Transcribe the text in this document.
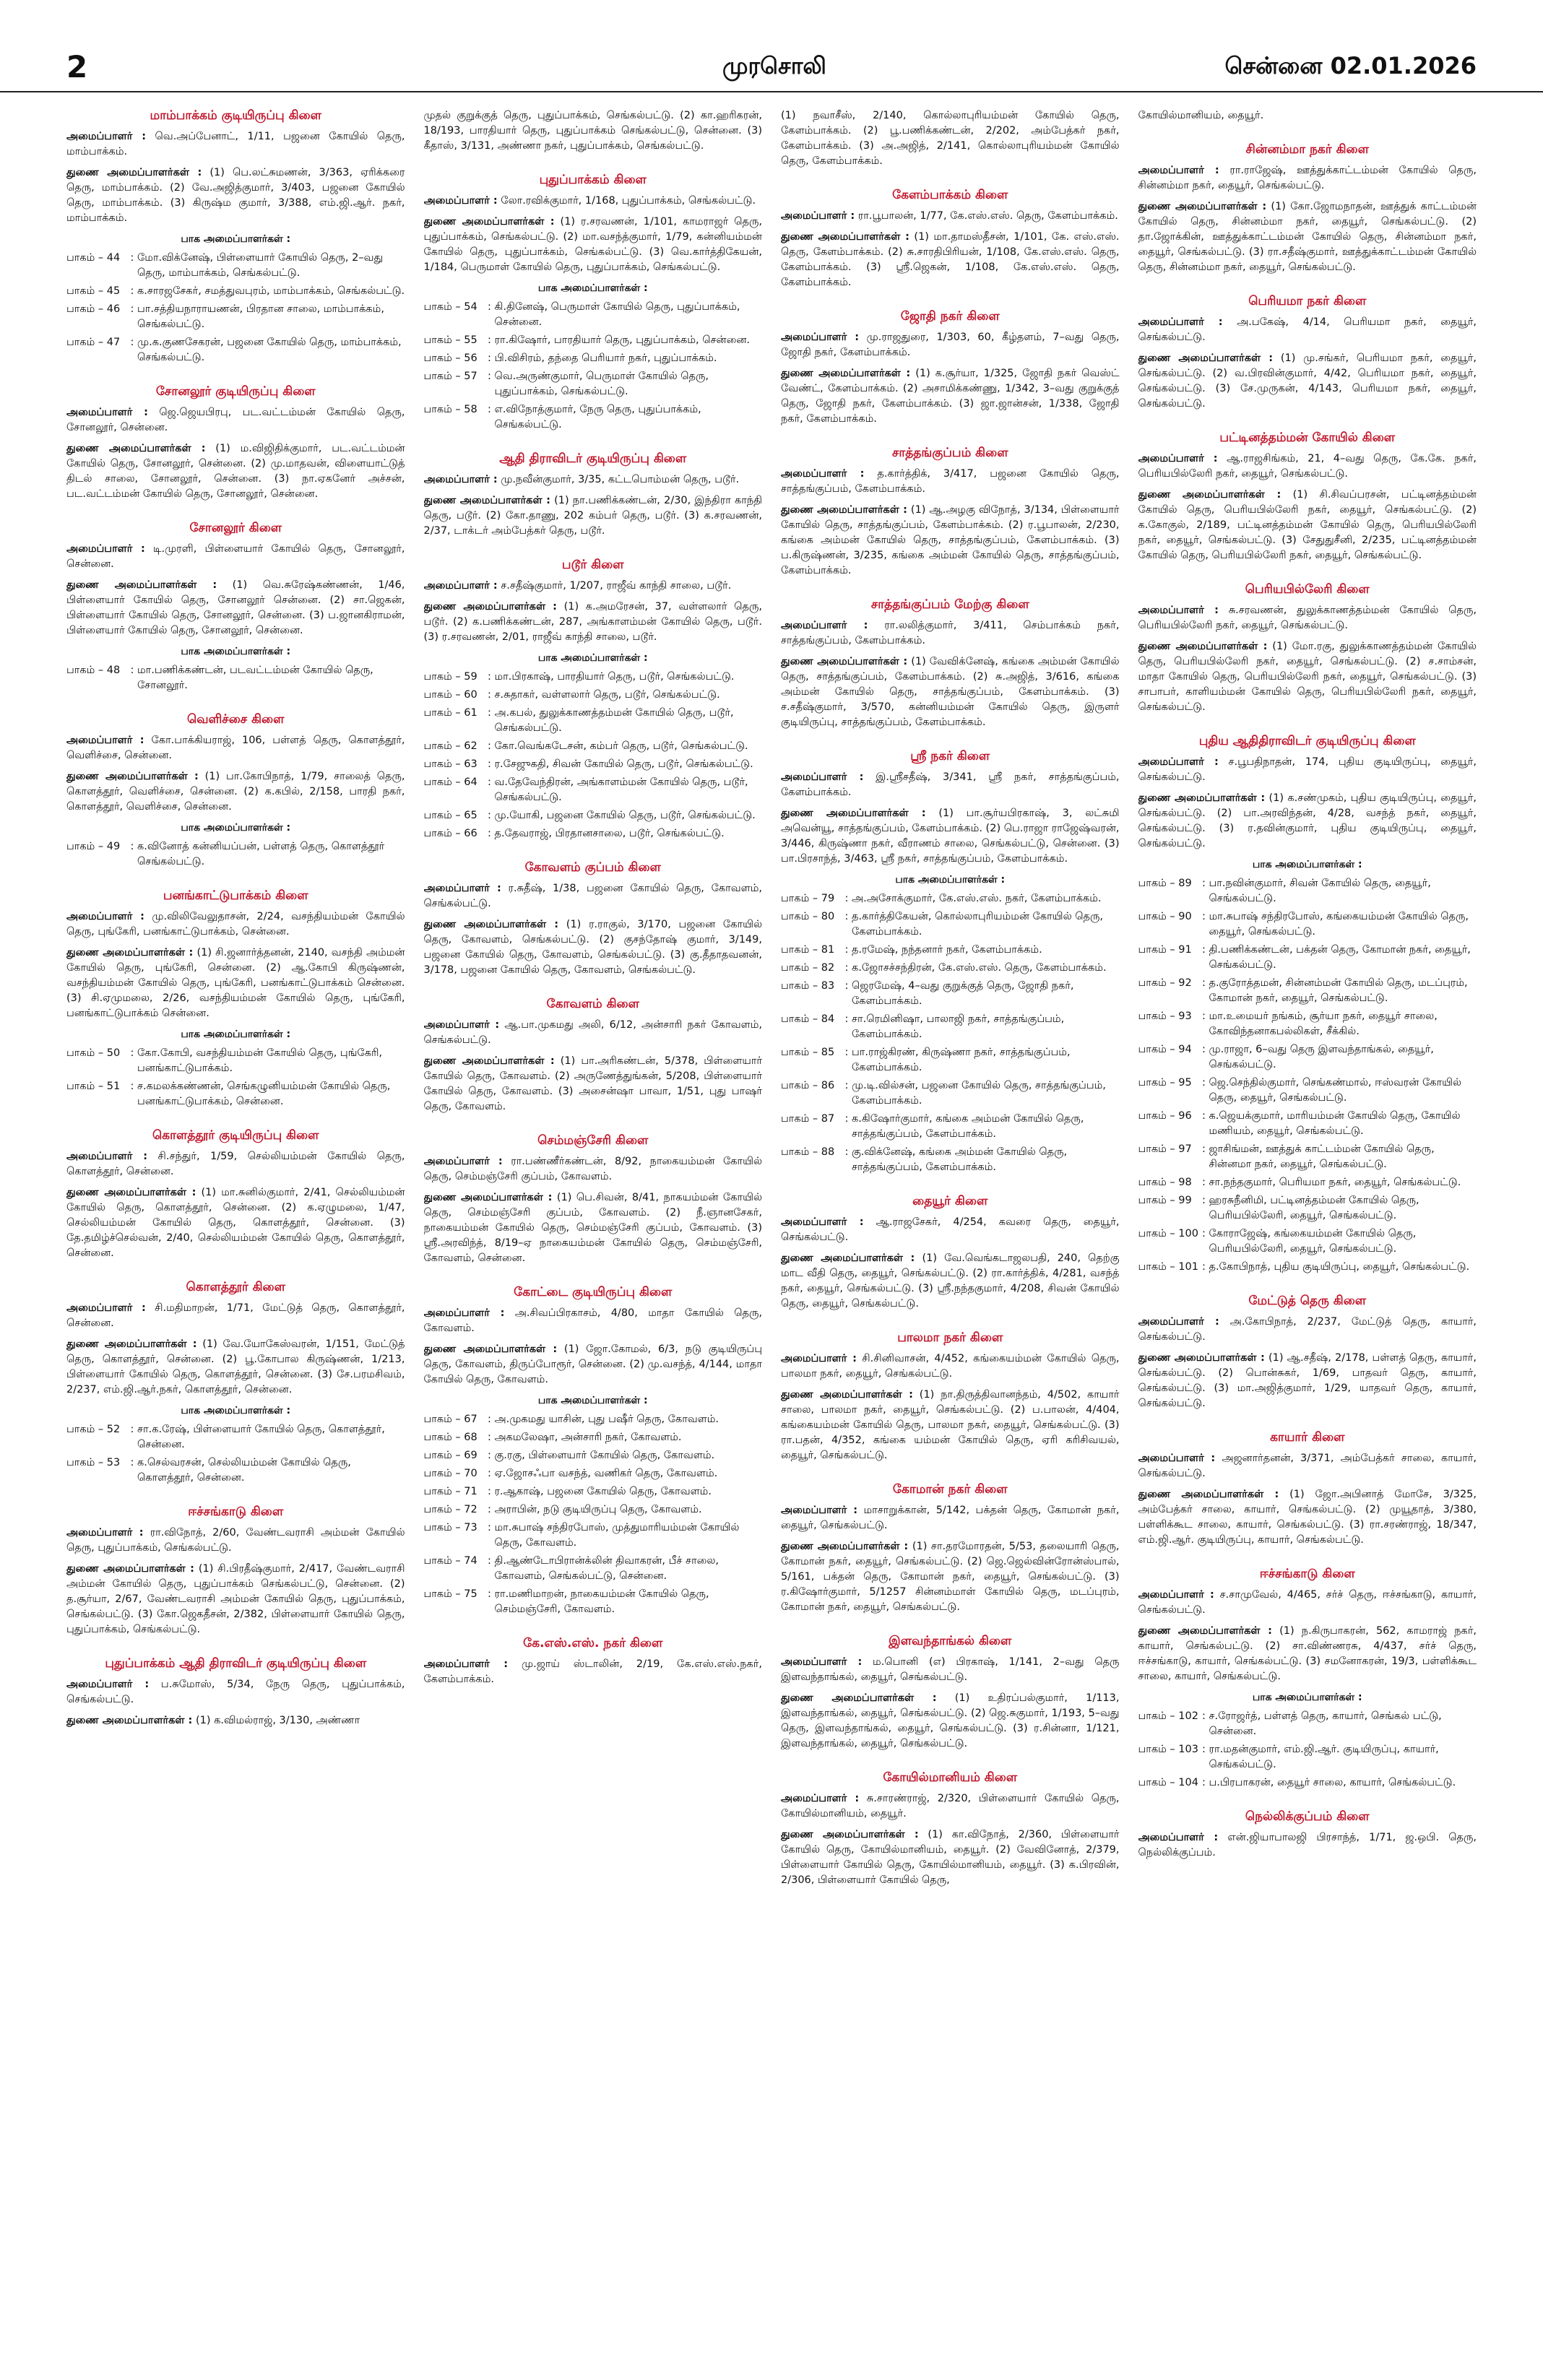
2	முரசொலி	சென்னை 02.01.2026
மாம்பாக்கம் குடியிருப்பு கிளை
அமைப்பாளர் : வெ.அப்பேனாட், 1/11, பஜனை கோயில் தெரு, மாம்பாக்கம்.
துணை அமைப்பாளர்கள் : (1) பெ.லட்சுமணன், 3/363, ஏரிக்கரை தெரு, மாம்பாக்கம். (2) வே.அஜித்குமார், 3/403, பஜனை கோயில் தெரு, மாம்பாக்கம். (3) கிருஷ்ம குமார், 3/388, எம்.ஜி.ஆர். நகர், மாம்பாக்கம்.
பாக அமைப்பாளர்கள் :
பாகம் – 44 : மோ.விக்னேஷ், பிள்ளையார் கோயில் தெரு, 2–வது தெரு, மாம்பாக்கம், செங்கல்பட்டு.
பாகம் – 45 : க.சாரஜசேகர், சமத்துவபுரம், மாம்பாக்கம், செங்கல்பட்டு.
பாகம் – 46 : பா.சத்தியநாராயணன், பிரதான சாலை, மாம்பாக்கம், செங்கல்பட்டு.
பாகம் – 47 : மு.க.குணசேகரன், பஜனை கோயில் தெரு, மாம்பாக்கம், செங்கல்பட்டு.
சோனலூர் குடியிருப்பு கிளை
அமைப்பாளர் : ஜெ.ஜெயபிரபு, பட.வட்டம்மன் கோயில் தெரு, சோனலூர், சென்னை.
துணை அமைப்பாளர்கள் : (1) ம.விஜிதிக்குமார், பட.வட்டம்மன் கோயில் தெரு, சோனலூர், சென்னை. (2) மு.மாதவன், விளையாட்டுத் திடல் சாலை, சோனலூர், சென்னை. (3) நா.ஏகனேர் அச்சன், பட.வட்டம்மன் கோயில் தெரு, சோனலூர், சென்னை.
சோனலூர் கிளை
அமைப்பாளர் : டி.முரளி, பிள்ளையார் கோயில் தெரு, சோனலூர், சென்னை.
துணை அமைப்பாளர்கள் : (1) வெ.சுரேஷ்கண்ணன், 1/46, பிள்ளையார் கோயில் தெரு, சோனலூர் சென்னை. (2) சா.ஜெகன், பிள்ளையார் கோயில் தெரு, சோனலூர், சென்னை. (3) ப.ஜானகிராமன், பிள்ளையார் கோயில் தெரு, சோனலூர், சென்னை.
பாக அமைப்பாளர்கள் :
பாகம் – 48 : மா.பணிக்கண்டன், படவட்டம்மன் கோயில் தெரு, சோனலூர்.
வெளிச்சை கிளை
அமைப்பாளர் : கோ.பாக்கியராஜ், 106, பள்ளத் தெரு, கொளத்தூர், வெளிச்சை, சென்னை.
துணை அமைப்பாளர்கள் : (1) பா.கோபிநாத், 1/79, சாலைத் தெரு, கொளத்தூர், வெளிச்சை, சென்னை. (2) க.கபில், 2/158, பாரதி நகர், கொளத்தூர், வெளிச்சை, சென்னை.
பாக அமைப்பாளர்கள் :
பாகம் – 49 : க.வினோத் கன்னியப்பன், பள்ளத் தெரு, கொளத்தூர் செங்கல்பட்டு.
பனங்காட்டுபாக்கம் கிளை
அமைப்பாளர் : மு.விலிவேலுதாசன், 2/24, வசந்தியம்மன் கோயில் தெரு, புங்கேரி, பனங்காட்டுபாக்கம், சென்னை.
துணை அமைப்பாளர்கள் : (1) சி.ஜனார்த்தனன், 2140, வசந்தி அம்மன் கோயில் தெரு, புங்கேரி, சென்னை. (2) ஆ.கோபி கிருஷ்ணன், வசந்தியம்மன் கோயில் தெரு, புங்கேரி, பனங்காட்டுபாக்கம் சென்னை. (3) சி.ஏமுமலை, 2/26, வசந்தியம்மன் கோயில் தெரு, புங்கேரி, பனங்காட்டுபாக்கம் சென்னை.
பாக அமைப்பாளர்கள் :
பாகம் – 50 : கோ.கோபி, வசந்தியம்மன் கோயில் தெரு, புங்கேரி, பனங்காட்டுபாக்கம்.
பாகம் – 51 : ச.கமலக்கண்ணன், செங்கழுனியம்மன் கோயில் தெரு, பனங்காட்டுபாக்கம், சென்னை.
கொளத்தூர் குடியிருப்பு கிளை
அமைப்பாளர் : சி.சந்துர், 1/59, செல்லியம்மன் கோயில் தெரு, கொளத்தூர், சென்னை.
துணை அமைப்பாளர்கள் : (1) மா.சுனில்குமார், 2/41, செல்லியம்மன் கோயில் தெரு, கொளத்தூர், சென்னை. (2) க.ஏழுமலை, 1/47, செல்லியம்மன் கோயில் தெரு, கொளத்தூர், சென்னை. (3) தே.தமிழ்ச்செல்வன், 2/40, செல்லியம்மன் கோயில் தெரு, கொளத்தூர், சென்னை.
கொளத்தூர் கிளை
அமைப்பாளர் : சி.மதிமாறன், 1/71, மேட்டுத் தெரு, கொளத்தூர், சென்னை.
துணை அமைப்பாளர்கள் : (1) வே.யோகேஸ்வரன், 1/151, மேட்டுத் தெரு, கொளத்தூர், சென்னை. (2) பூ.கோபால கிருஷ்ணன், 1/213, பிள்ளையார் கோயில் தெரு, கொளத்தூர், சென்னை. (3) சே.பரமசிவம், 2/237, எம்.ஜி.ஆர்.நகர், கொளத்தூர், சென்னை.
பாக அமைப்பாளர்கள் :
பாகம் – 52 : சா.க.ரேஷ், பிள்ளையார் கோயில் தெரு, கொளத்தூர், சென்னை.
பாகம் – 53 : க.செல்வரசன், செல்லியம்மன் கோயில் தெரு, கொளத்தூர், சென்னை.
ஈச்சங்காடு கிளை
அமைப்பாளர் : ரா.விநோத், 2/60, வேண்டவராசி அம்மன் கோயில் தெரு, புதுப்பாக்கம், செங்கல்பட்டு.
துணை அமைப்பாளர்கள் : (1) சி.பிரதீஷ்குமார், 2/417, வேண்டவராசி அம்மன் கோயில் தெரு, புதுப்பாக்கம் செங்கல்பட்டு, சென்னை. (2) த.சூர்யா, 2/67, வேண்டவராசி அம்மன் கோயில் தெரு, புதுப்பாக்கம், செங்கல்பட்டு. (3) கோ.ஜெகதீசன், 2/382, பிள்ளையார் கோயில் தெரு, புதுப்பாக்கம், செங்கல்பட்டு.
புதுப்பாக்கம் ஆதி திராவிடர் குடியிருப்பு கிளை
அமைப்பாளர் : ப.சுமோஸ், 5/34, நேரு தெரு, புதுப்பாக்கம், செங்கல்பட்டு.
துணை அமைப்பாளர்கள் : (1) க.விமல்ராஜ், 3/130, அண்ணா
முதல் குறுக்குத் தெரு, புதுப்பாக்கம், செங்கல்பட்டு. (2) கா.ஹரிகரன், 18/193, பாரதியார் தெரு, புதுப்பாக்கம் செங்கல்பட்டு, சென்னை. (3) கீதாஸ், 3/131, அண்ணா நகர், புதுப்பாக்கம், செங்கல்பட்டு.
புதுப்பாக்கம் கிளை
அமைப்பாளர் : லோ.ரவிக்குமார், 1/168, புதுப்பாக்கம், செங்கல்பட்டு.
துணை அமைப்பாளர்கள் : (1) ர.சரவணன், 1/101, காமராஜர் தெரு, புதுப்பாக்கம், செங்கல்பட்டு. (2) மா.வசந்த்குமார், 1/79, கன்னியம்மன் கோயில் தெரு, புதுப்பாக்கம், செங்கல்பட்டு. (3) வெ.கார்த்திகேயன், 1/184, பெருமாள் கோயில் தெரு, புதுப்பாக்கம், செங்கல்பட்டு.
பாக அமைப்பாளர்கள் :
பாகம் – 54 : கி.தினேஷ், பெருமாள் கோயில் தெரு, புதுப்பாக்கம், சென்னை.
பாகம் – 55 : ரா.கிஷோர், பாரதியார் தெரு, புதுப்பாக்கம், சென்னை.
பாகம் – 56 : பி.விசிரம், தந்தை பெரியார் நகர், புதுப்பாக்கம்.
பாகம் – 57 : வெ.அருண்குமார், பெருமாள் கோயில் தெரு, புதுப்பாக்கம், செங்கல்பட்டு.
பாகம் – 58 : எ.விநோத்குமார், நேரு தெரு, புதுப்பாக்கம், செங்கல்பட்டு.
ஆதி திராவிடர் குடியிருப்பு கிளை
அமைப்பாளர் : மு.நவீன்குமார், 3/35, கட்டபொம்மன் தெரு, படூர்.
துணை அமைப்பாளர்கள் : (1) நா.பணிக்கண்டன், 2/30, இந்திரா காந்தி தெரு, படூர். (2) கோ.தாணு, 202 கம்பர் தெரு, படூர். (3) க.சரவணன், 2/37, டாக்டர் அம்பேத்கர் தெரு, படூர்.
படூர் கிளை
அமைப்பாளர் : ச.சதீஷ்குமார், 1/207, ராஜீவ் காந்தி சாலை, படூர்.
துணை அமைப்பாளர்கள் : (1) க.அமரேசன், 37, வள்ளலார் தெரு, படூர். (2) க.பணிக்கண்டன், 287, அங்காளம்மன் கோயில் தெரு, படூர். (3) ர.சரவணன், 2/01, ராஜீவ் காந்தி சாலை, படூர்.
பாக அமைப்பாளர்கள் :
பாகம் – 59 : மா.பிரகாஷ், பாரதியார் தெரு, படூர், செங்கல்பட்டு.
பாகம் – 60 : ச.சுதாகர், வள்ளலார் தெரு, படூர், செங்கல்பட்டு.
பாகம் – 61 : அ.கபல், துலுக்காணத்தம்மன் கோயில் தெரு, படூர், செங்கல்பட்டு.
பாகம் – 62 : கோ.வெங்கடேசன், கம்பர் தெரு, படூர், செங்கல்பட்டு.
பாகம் – 63 : ர.சேஜுகதி, சிவன் கோயில் தெரு, படூர், செங்கல்பட்டு.
பாகம் – 64 : வ.தேவேந்திரன், அங்காளம்மன் கோயில் தெரு, படூர், செங்கல்பட்டு.
பாகம் – 65 : மு.யோகி, பஜனை கோயில் தெரு, படூர், செங்கல்பட்டு.
பாகம் – 66 : த.தேவராஜ், பிரதானசாலை, படூர், செங்கல்பட்டு.
கோவளம் குப்பம் கிளை
அமைப்பாளர் : ர.சுதீஷ், 1/38, பஜனை கோயில் தெரு, கோவளம், செங்கல்பட்டு.
துணை அமைப்பாளர்கள் : (1) ர.ராகுல், 3/170, பஜனை கோயில் தெரு, கோவளம், செங்கல்பட்டு. (2) குசந்தோஷ் குமார், 3/149, பஜனை கோயில் தெரு, கோவளம், செங்கல்பட்டு. (3) கு.தீதாதவனன், 3/178, பஜனை கோயில் தெரு, கோவளம், செங்கல்பட்டு.
கோவளம் கிளை
அமைப்பாளர் : ஆ.பா.முகமது அலி, 6/12, அன்சாரி நகர் கோவளம், செங்கல்பட்டு.
துணை அமைப்பாளர்கள் : (1) பா.அரிகண்டன், 5/378, பிள்ளையார் கோயில் தெரு, கோவளம். (2) அருணேத்துங்கன், 5/208, பிள்ளையார் கோயில் தெரு, கோவளம். (3) அசைன்ஷா பாவா, 1/51, புது பாஷர் தெரு, கோவளம்.
செம்மஞ்சேரி கிளை
அமைப்பாளர் : ரா.பண்ணீர்கண்டன், 8/92, நாகையம்மன் கோயில் தெரு, செம்மஞ்சேரி குப்பம், கோவளம்.
துணை அமைப்பாளர்கள் : (1) பெ.சிவன், 8/41, நாகயம்மன் கோயில் தெரு, செம்மஞ்சேரி குப்பம், கோவளம். (2) நீ.ஞானசேகர், நாகையம்மன் கோயில் தெரு, செம்மஞ்சேரி குப்பம், கோவளம். (3) ஸ்ரீ.அரவிந்த், 8/19–ஏ நாகையம்மன் கோயில் தெரு, செம்மஞ்சேரி, கோவளம், சென்னை.
கோட்டை குடியிருப்பு கிளை
அமைப்பாளர் : அ.சிவப்பிரகாசம், 4/80, மாதா கோயில் தெரு, கோவளம்.
துணை அமைப்பாளர்கள் : (1) ஜோ.கோமல், 6/3, நடு குடியிருப்பு தெரு, கோவளம், திருப்போரூர், சென்னை. (2) மு.வசந்த், 4/144, மாதா கோயில் தெரு, கோவளம்.
பாக அமைப்பாளர்கள் :
பாகம் – 67 : அ.முகமது யாசின், புது பஷீர் தெரு, கோவளம்.
பாகம் – 68 : அகமலேஷா, அன்சாரி நகர், கோவளம்.
பாகம் – 69 : கு.ரகு, பிள்ளையார் கோயில் தெரு, கோவளம்.
பாகம் – 70 : ஏ.ஜோசஃபா வசந்த், வணிகர் தெரு, கோவளம்.
பாகம் – 71 : ர.ஆகாஷ், பஜனை கோயில் தெரு, கோவளம்.
பாகம் – 72 : அராபின், நடு குடியிருப்பு தெரு, கோவளம்.
பாகம் – 73 : மா.சுபாஷ் சந்திரபோஸ், முத்துமாரியம்மன் கோயில் தெரு, கோவளம்.
பாகம் – 74 : தி.ஆண்டோபிரான்க்லின் திவாகரன், பீச் சாலை, கோவளம், செங்கல்பட்டு, சென்னை.
பாகம் – 75 : ரா.மணிமாறன், நாகையம்மன் கோயில் தெரு, செம்மஞ்சேரி, கோவளம்.
கே.எஸ்.எஸ். நகர் கிளை
அமைப்பாளர் : மு.ஜாய் ஸ்டாலின், 2/19, கே.எஸ்.எஸ்.நகர், கேளம்பாக்கம்.
(1) நவாசீஸ், 2/140, கொல்லாபுரியம்மன் கோயில் தெரு, கேளம்பாக்கம். (2) பூ.பணிக்கண்டன், 2/202, அம்பேத்கர் நகர், கேளம்பாக்கம். (3) அ.அஜித், 2/141, கொல்லாபுரியம்மன் கோயில் தெரு, கேளம்பாக்கம்.
கேளம்பாக்கம் கிளை
அமைப்பாளர் : ரா.பூபாலன், 1/77, கே.எஸ்.எஸ். தெரு, கேளம்பாக்கம்.
துணை அமைப்பாளர்கள் : (1) மா.தாமஸ்தீசன், 1/101, கே. எஸ்.எஸ். தெரு, கேளம்பாக்கம். (2) சு.சாரதிபிரியன், 1/108, கே.எஸ்.எஸ். தெரு, கேளம்பாக்கம். (3) ஸ்ரீ.ஜெகன், 1/108, கே.எஸ்.எஸ். தெரு, கேளம்பாக்கம்.
ஜோதி நகர் கிளை
அமைப்பாளர் : மு.ராஜதுரை, 1/303, 60, கீழ்தளம், 7–வது தெரு, ஜோதி நகர், கேளம்பாக்கம்.
துணை அமைப்பாளர்கள் : (1) க.சூர்யா, 1/325, ஜோதி நகர் வெஸ்ட் வேண்ட், கேளம்பாக்கம். (2) அசாமிக்கண்ணு, 1/342, 3–வது குறுக்குத் தெரு, ஜோதி நகர், கேளம்பாக்கம். (3) ஜா.ஜான்சன், 1/338, ஜோதி நகர், கேளம்பாக்கம்.
சாத்தங்குப்பம் கிளை
அமைப்பாளர் : த.கார்த்திக், 3/417, பஜனை கோயில் தெரு, சாத்தங்குப்பம், கேளம்பாக்கம்.
துணை அமைப்பாளர்கள் : (1) ஆ.அழகு விநோத், 3/134, பிள்ளையார் கோயில் தெரு, சாத்தங்குப்பம், கேளம்பாக்கம். (2) ர.பூபாலன், 2/230, கங்கை அம்மன் கோயில் தெரு, சாத்தங்குப்பம், கேளம்பாக்கம். (3) ப.கிருஷ்ணன், 3/235, கங்கை அம்மன் கோயில் தெரு, சாத்தங்குப்பம், கேளம்பாக்கம்.
சாத்தங்குப்பம் மேற்கு கிளை
அமைப்பாளர் : ரா.லலித்குமார், 3/411, செம்பாக்கம் நகர், சாத்தங்குப்பம், கேளம்பாக்கம்.
துணை அமைப்பாளர்கள் : (1) வேவிக்னேஷ், கங்கை அம்மன் கோயில் தெரு, சாத்தங்குப்பம், கேளம்பாக்கம். (2) சு.அஜித், 3/616, கங்கை அம்மன் கோயில் தெரு, சாத்தங்குப்பம், கேளம்பாக்கம். (3) ச.சதீஷ்குமார், 3/570, கன்னியம்மன் கோயில் தெரு, இருளர் குடியிருப்பு, சாத்தங்குப்பம், கேளம்பாக்கம்.
ஸ்ரீ நகர் கிளை
அமைப்பாளர் : இ.ஸ்ரீசதீஷ், 3/341, ஸ்ரீ நகர், சாத்தங்குப்பம், கேளம்பாக்கம்.
துணை அமைப்பாளர்கள் : (1) பா.சூர்யபிரகாஷ், 3, லட்சுமி அவென்யூ, சாத்தங்குப்பம், கேளம்பாக்கம். (2) பெ.ராஜா ராஜேஷ்வரன், 3/446, கிருஷ்ணா நகர், வீராணம் சாலை, செங்கல்பட்டு, சென்னை. (3) பா.பிரசாந்த், 3/463, ஸ்ரீ நகர், சாத்தங்குப்பம், கேளம்பாக்கம்.
பாக அமைப்பாளர்கள் :
பாகம் – 79 : அ.அசோக்குமார், கே.எஸ்.எஸ். நகர், கேளம்பாக்கம்.
பாகம் – 80 : த.கார்த்திகேயன், கொல்லாபுரியம்மன் கோயில் தெரு, கேளம்பாக்கம்.
பாகம் – 81 : த.ரமேஷ், நந்தனார் நகர், கேளம்பாக்கம்.
பாகம் – 82 : க.ஜோசச்சந்திரன், கே.எஸ்.எஸ். தெரு, கேளம்பாக்கம்.
பாகம் – 83 : ஜெரமேஷ், 4–வது குறுக்குத் தெரு, ஜோதி நகர், கேளம்பாக்கம்.
பாகம் – 84 : சா.ரெமினிஷா, பாலாஜி நகர், சாத்தங்குப்பம், கேளம்பாக்கம்.
பாகம் – 85 : பா.ராஜ்கிரண், கிருஷ்ணா நகர், சாத்தங்குப்பம், கேளம்பாக்கம்.
பாகம் – 86 : மு.டி.வில்சன், பஜனை கோயில் தெரு, சாத்தங்குப்பம், கேளம்பாக்கம்.
பாகம் – 87 : க.கிஷோர்குமார், கங்கை அம்மன் கோயில் தெரு, சாத்தங்குப்பம், கேளம்பாக்கம்.
பாகம் – 88 : கு.விக்னேஷ், கங்கை அம்மன் கோயில் தெரு, சாத்தங்குப்பம், கேளம்பாக்கம்.
தையூர் கிளை
அமைப்பாளர் : ஆ.ராஜசேகர், 4/254, கவரை தெரு, தையூர், செங்கல்பட்டு.
துணை அமைப்பாளர்கள் : (1) வே.வெங்கடாஜலபதி, 240, தெற்கு மாட வீதி தெரு, தையூர், செங்கல்பட்டு. (2) ரா.கார்த்திக், 4/281, வசந்த் நகர், தையூர், செங்கல்பட்டு. (3) ஸ்ரீ.நந்தகுமார், 4/208, சிவன் கோயில் தெரு, தையூர், செங்கல்பட்டு.
பாலமா நகர் கிளை
அமைப்பாளர் : சி.சினிவாசன், 4/452, கங்கையம்மன் கோயில் தெரு, பாலமா நகர், தையூர், செங்கல்பட்டு.
துணை அமைப்பாளர்கள் : (1) நா.திருத்திவானந்தம், 4/502, காயார் சாலை, பாலமா நகர், தையூர், செங்கல்பட்டு. (2) ப.பாலன், 4/404, கங்கையம்மன் கோயில் தெரு, பாலமா நகர், தையூர், செங்கல்பட்டு. (3) ரா.பதன், 4/352, கங்கை யம்மன் கோயில் தெரு, ஏரி கரிசிவயல், தையூர், செங்கல்பட்டு.
கோமான் நகர் கிளை
அமைப்பாளர் : மாசாறுக்கான், 5/142, பக்தன் தெரு, கோமான் நகர், தையூர், செங்கல்பட்டு.
துணை அமைப்பாளர்கள் : (1) சா.தரமோரதன், 5/53, தலையாரி தெரு, கோமான் நகர், தையூர், செங்கல்பட்டு. (2) ஜெ.ஜெல்வின்ரோன்ஸ்பால், 5/161, பக்தன் தெரு, கோமான் நகர், தையூர், செங்கல்பட்டு. (3) ர.கிஷோர்குமார், 5/1257 சின்னம்மாள் கோயில் தெரு, மடப்புரம், கோமான் நகர், தையூர், செங்கல்பட்டு.
இளவந்தாங்கல் கிளை
அமைப்பாளர் : ம.பொனி (எ) பிரகாஷ், 1/141, 2–வது தெரு இளவந்தாங்கல், தையூர், செங்கல்பட்டு.
துணை அமைப்பாளர்கள் : (1) உதிரப்பல்குமார், 1/113, இளவந்தாங்கல், தையூர், செங்கல்பட்டு. (2) ஜெ.சுகுமார், 1/193, 5–வது தெரு, இளவந்தாங்கல், தையூர், செங்கல்பட்டு. (3) ர.சின்னா, 1/121, இளவந்தாங்கல், தையூர், செங்கல்பட்டு.
கோயில்மானியம் கிளை
அமைப்பாளர் : சு.சாரண்ராஜ், 2/320, பிள்ளையார் கோயில் தெரு, கோயில்மானியம், தையூர்.
துணை அமைப்பாளர்கள் : (1) கா.விநோத், 2/360, பிள்ளையார் கோயில் தெரு, கோயில்மானியம், தையூர். (2) வேவினோத், 2/379, பிள்ளையார் கோயில் தெரு, கோயில்மானியம், தையூர். (3) க.பிரவின், 2/306, பிள்ளையார் கோயில் தெரு,
கோயில்மானியம், தையூர்.
சின்னம்மா நகர் கிளை
அமைப்பாளர் : ரா.ராஜேஷ், ஊத்துக்காட்டம்மன் கோயில் தெரு, சின்னம்மா நகர், தையூர், செங்கல்பட்டு.
துணை அமைப்பாளர்கள் : (1) கோ.ஜோமநாதன், ஊத்துக் காட்டம்மன் கோயில் தெரு, சின்னம்மா நகர், தையூர், செங்கல்பட்டு. (2) தா.ஜோக்கின், ஊத்துக்காட்டம்மன் கோயில் தெரு, சின்னம்மா நகர், தையூர், செங்கல்பட்டு. (3) ரா.சதீஷ்குமார், ஊத்துக்காட்டம்மன் கோயில் தெரு, சின்னம்மா நகர், தையூர், செங்கல்பட்டு.
பெரியமா நகர் கிளை
அமைப்பாளர் : அ.பகேஷ், 4/14, பெரியமா நகர், தையூர், செங்கல்பட்டு.
துணை அமைப்பாளர்கள் : (1) மு.சங்கர், பெரியமா நகர், தையூர், செங்கல்பட்டு. (2) வ.பிரவின்குமார், 4/42, பெரியமா நகர், தையூர், செங்கல்பட்டு. (3) சே.முருகன், 4/143, பெரியமா நகர், தையூர், செங்கல்பட்டு.
பட்டினத்தம்மன் கோயில் கிளை
அமைப்பாளர் : ஆ.ராஜசிங்கம், 21, 4–வது தெரு, கே.கே. நகர், பெரியபில்லேரி நகர், தையூர், செங்கல்பட்டு.
துணை அமைப்பாளர்கள் : (1) சி.சிவப்பரசன், பட்டினத்தம்மன் கோயில் தெரு, பெரியபில்லேரி நகர், தையூர், செங்கல்பட்டு. (2) க.கோகுல், 2/189, பட்டினத்தம்மன் கோயில் தெரு, பெரியபில்லேரி நகர், தையூர், செங்கல்பட்டு. (3) சேதுதுசீனி, 2/235, பட்டினத்தம்மன் கோயில் தெரு, பெரியபில்லேரி நகர், தையூர், செங்கல்பட்டு.
பெரியபில்லேரி கிளை
அமைப்பாளர் : சு.சரவணன், துலுக்காணத்தம்மன் கோயில் தெரு, பெரியபில்லேரி நகர், தையூர், செங்கல்பட்டு.
துணை அமைப்பாளர்கள் : (1) மோ.ரகு, துலுக்காணத்தம்மன் கோயில் தெரு, பெரியபில்லேரி நகர், தையூர், செங்கல்பட்டு. (2) ச.சாம்சன், மாதா கோயில் தெரு, பெரியபில்லேரி நகர், தையூர், செங்கல்பட்டு. (3) சாபாபர், காளியம்மன் கோயில் தெரு, பெரியபில்லேரி நகர், தையூர், செங்கல்பட்டு.
புதிய ஆதிதிராவிடர் குடியிருப்பு கிளை
அமைப்பாளர் : ச.பூபதிநாதன், 174, புதிய குடியிருப்பு, தையூர், செங்கல்பட்டு.
துணை அமைப்பாளர்கள் : (1) க.சண்முகம், புதிய குடியிருப்பு, தையூர், செங்கல்பட்டு. (2) பா.அரவிந்தன், 4/28, வசந்த் நகர், தையூர், செங்கல்பட்டு. (3) ர.தவின்குமார், புதிய குடியிருப்பு, தையூர், செங்கல்பட்டு.
பாக அமைப்பாளர்கள் :
பாகம் – 89 : பா.நவின்குமார், சிவன் கோயில் தெரு, தையூர், செங்கல்பட்டு.
பாகம் – 90 : மா.சுபாஷ் சந்திரபோஸ், கங்கையம்மன் கோயில் தெரு, தையூர், செங்கல்பட்டு.
பாகம் – 91 : தி.பணிக்கண்டன், பக்தன் தெரு, கோமான் நகர், தையூர், செங்கல்பட்டு.
பாகம் – 92 : த.குரோத்தமன், சின்னம்மன் கோயில் தெரு, மடப்புரம், கோமான் நகர், தையூர், செங்கல்பட்டு.
பாகம் – 93 : மா.உமையர் நங்கம், சூர்யா நகர், தையூர் சாலை, கோவிந்தனாகபல்லிகள், சீக்கில்.
பாகம் – 94 : மு.ராஜா, 6–வது தெரு இளவந்தாங்கல், தையூர், செங்கல்பட்டு.
பாகம் – 95 : ஜெ.செந்தில்குமார், செங்கண்மால், ஈஸ்வரன் கோயில் தெரு, தையூர், செங்கல்பட்டு.
பாகம் – 96 : க.ஜெயக்குமார், மாரியம்மன் கோயில் தெரு, கோயில் மணியம், தையூர், செங்கல்பட்டு.
பாகம் – 97 : ஜாசிங்மன், ஊத்துக் காட்டம்மன் கோயில் தெரு, சின்னமா நகர், தையூர், செங்கல்பட்டு.
பாகம் – 98 : சா.நந்தகுமார், பெரியமா நகர், தையூர், செங்கல்பட்டு.
பாகம் – 99 : ஹரசுநீனிமி, பட்டினத்தம்மன் கோயில் தெரு, பெரியபில்லேரி, தையூர், செங்கல்பட்டு.
பாகம் – 100 : கோராஜேஷ், கங்கையம்மன் கோயில் தெரு, பெரியபில்லேரி, தையூர், செங்கல்பட்டு.
பாகம் – 101 : த.கோபிநாத், புதிய குடியிருப்பு, தையூர், செங்கல்பட்டு.
மேட்டுத் தெரு கிளை
அமைப்பாளர் : அ.கோபிநாத், 2/237, மேட்டுத் தெரு, காயார், செங்கல்பட்டு.
துணை அமைப்பாளர்கள் : (1) ஆ.சதீஷ், 2/178, பள்ளத் தெரு, காயார், செங்கல்பட்டு. (2) பொன்சுகர், 1/69, பாதவர் தெரு, காயார், செங்கல்பட்டு. (3) மா.அஜித்குமார், 1/29, யாதவர் தெரு, காயார், செங்கல்பட்டு.
காயார் கிளை
அமைப்பாளர் : அஜனார்தனன், 3/371, அம்பேத்கர் சாலை, காயார், செங்கல்பட்டு.
துணை அமைப்பாளர்கள் : (1) ஜோ.அபினாத் மோசே, 3/325, அம்பேத்கர் சாலை, காயார், செங்கல்பட்டு. (2) முயூதாத், 3/380, பள்ளிக்கூட சாலை, காயார், செங்கல்பட்டு. (3) ரா.சரண்ராஜ், 18/347, எம்.ஜி.ஆர். குடியிருப்பு, காயார், செங்கல்பட்டு.
ஈச்சங்காடு கிளை
அமைப்பாளர் : ச.சாமுவேல், 4/465, சர்ச் தெரு, ஈச்சங்காடு, காயார், செங்கல்பட்டு.
துணை அமைப்பாளர்கள் : (1) ந.கிருபாகரன், 562, காமராஜ் நகர், காயார், செங்கல்பட்டு. (2) சா.விண்ணரசு, 4/437, சர்ச் தெரு, ஈச்சங்காடு, காயார், செங்கல்பட்டு. (3) சமனோகரன், 19/3, பள்ளிக்கூட சாலை, காயார், செங்கல்பட்டு.
பாக அமைப்பாளர்கள் :
பாகம் – 102 : ச.ரோஜர்த், பள்ளத் தெரு, காயார், செங்கல் பட்டு, சென்னை.
பாகம் – 103 : ரா.மதன்குமார், எம்.ஜி.ஆர். குடியிருப்பு, காயார், செங்கல்பட்டு.
பாகம் – 104 : ப.பிரபாகரன், தையூர் சாலை, காயார், செங்கல்பட்டு.
நெல்லிக்குப்பம் கிளை
அமைப்பாளர் : என்.ஜியாபாலஜி பிரசாந்த், 1/71, ஜ.ஒபி. தெரு, நெல்லிக்குப்பம்.
